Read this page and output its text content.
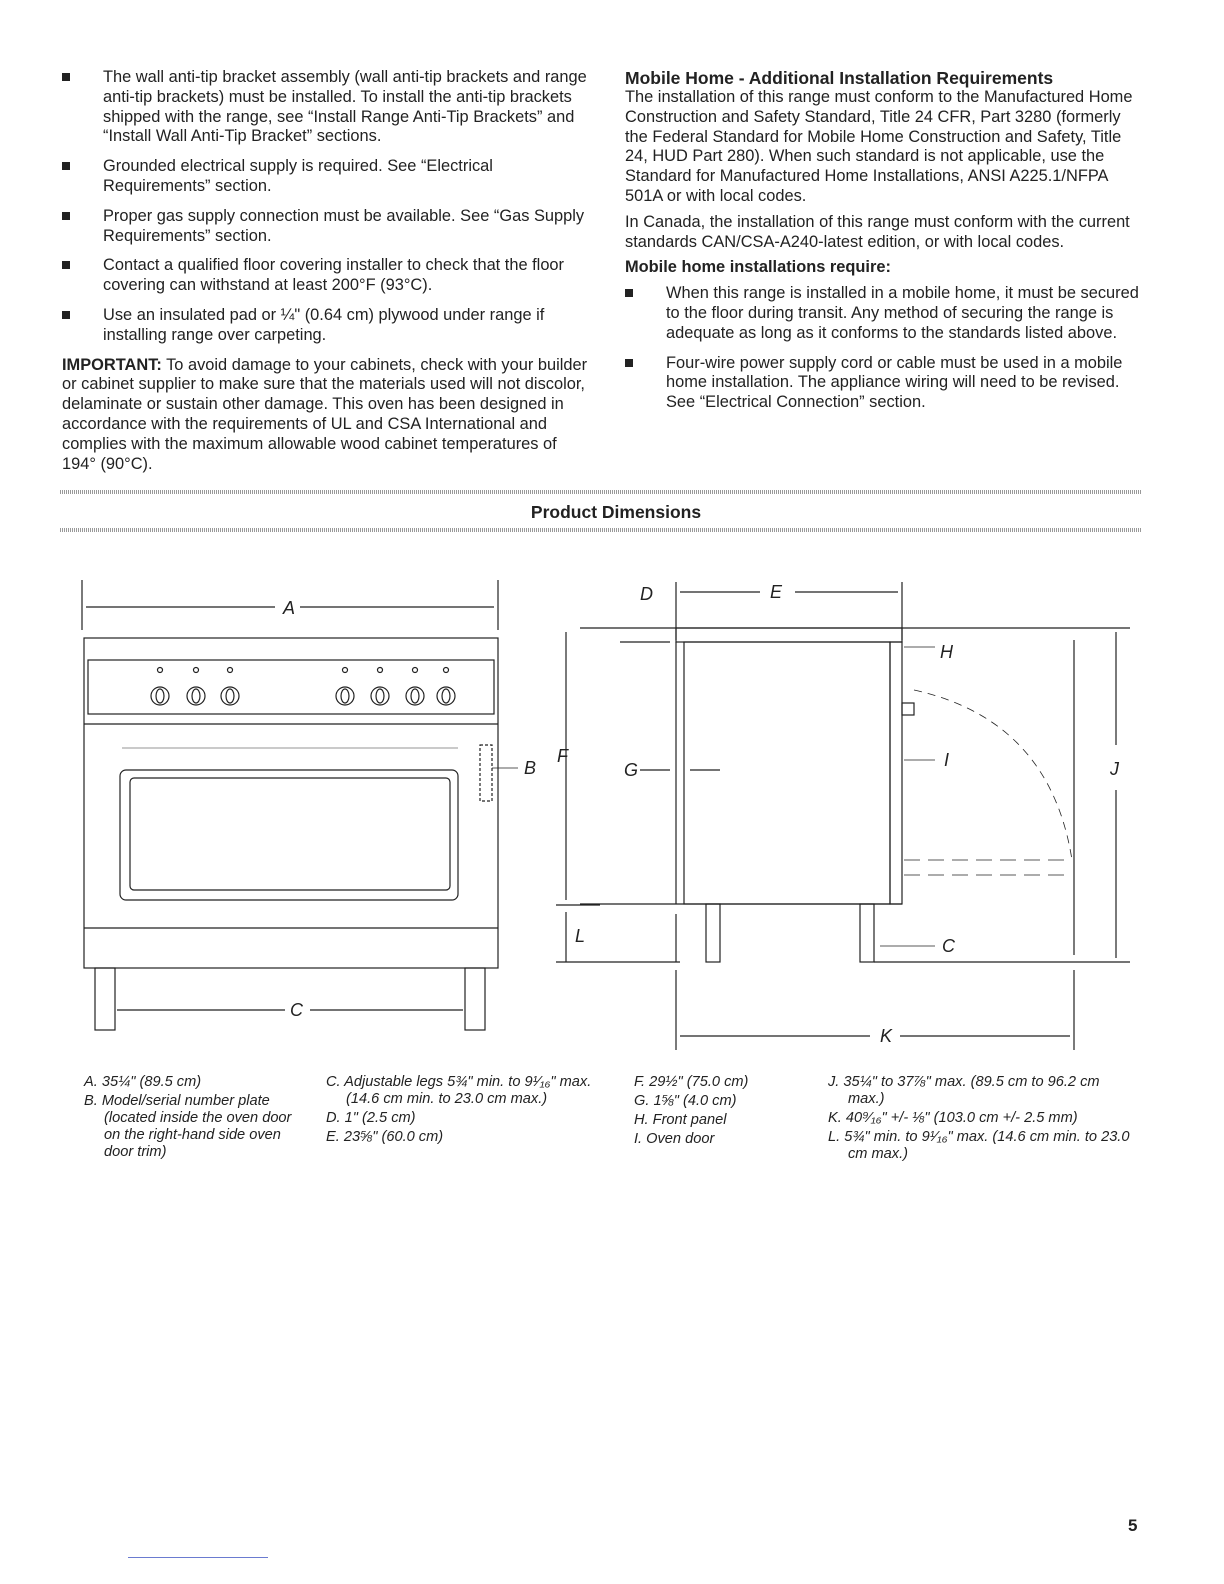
The wall anti-tip bracket assembly (wall anti-tip brackets and range anti-tip brackets) must be installed. To install the anti-tip brackets shipped with the range, see “Install Range Anti-Tip Brackets” and “Install Wall Anti-Tip Bracket” sections.
Grounded electrical supply is required. See “Electrical Requirements” section.
Proper gas supply connection must be available. See “Gas Supply Requirements” section.
Contact a qualified floor covering installer to check that the floor covering can withstand at least 200°F (93°C).
Use an insulated pad or ¼" (0.64 cm) plywood under range if installing range over carpeting.

IMPORTANT: To avoid damage to your cabinets, check with your builder or cabinet supplier to make sure that the materials used will not discolor, delaminate or sustain other damage. This oven has been designed in accordance with the requirements of UL and CSA International and complies with the maximum allowable wood cabinet temperatures of 194° (90°C).

Mobile Home - Additional Installation Requirements

The installation of this range must conform to the Manufactured Home Construction and Safety Standard, Title 24 CFR, Part 3280 (formerly the Federal Standard for Mobile Home Construction and Safety, Title 24, HUD Part 280). When such standard is not applicable, use the Standard for Manufactured Home Installations, ANSI A225.1/NFPA 501A or with local codes.

In Canada, the installation of this range must conform with the current standards CAN/CSA-A240-latest edition, or with local codes.

Mobile home installations require:
When this range is installed in a mobile home, it must be secured to the floor during transit. Any method of securing the range is adequate as long as it conforms to the standards listed above.
Four-wire power supply cord or cable must be used in a mobile home installation. The appliance wiring will need to be revised. See “Electrical Connection” section.
Product Dimensions
A
B
C
D	E
F
G
H
I	J
K
L	C
A. 35¼" (89.5 cm)
B. Model/serial number plate (located inside the oven door on the right-hand side oven door trim)
C. Adjustable legs 5¾" min. to 9¹⁄₁₆" max. (14.6 cm min. to 23.0 cm max.)
D. 1" (2.5 cm)
E. 23⅝" (60.0 cm)
F. 29½" (75.0 cm)
G. 1⅝" (4.0 cm)
H. Front panel
I. Oven door
J. 35¼" to 37⅞" max. (89.5 cm to 96.2 cm max.)
K. 40⁹⁄₁₆" +/- ⅛" (103.0 cm +/- 2.5 mm)
L. 5¾" min. to 9¹⁄₁₆" max. (14.6 cm min. to 23.0 cm max.)
5
